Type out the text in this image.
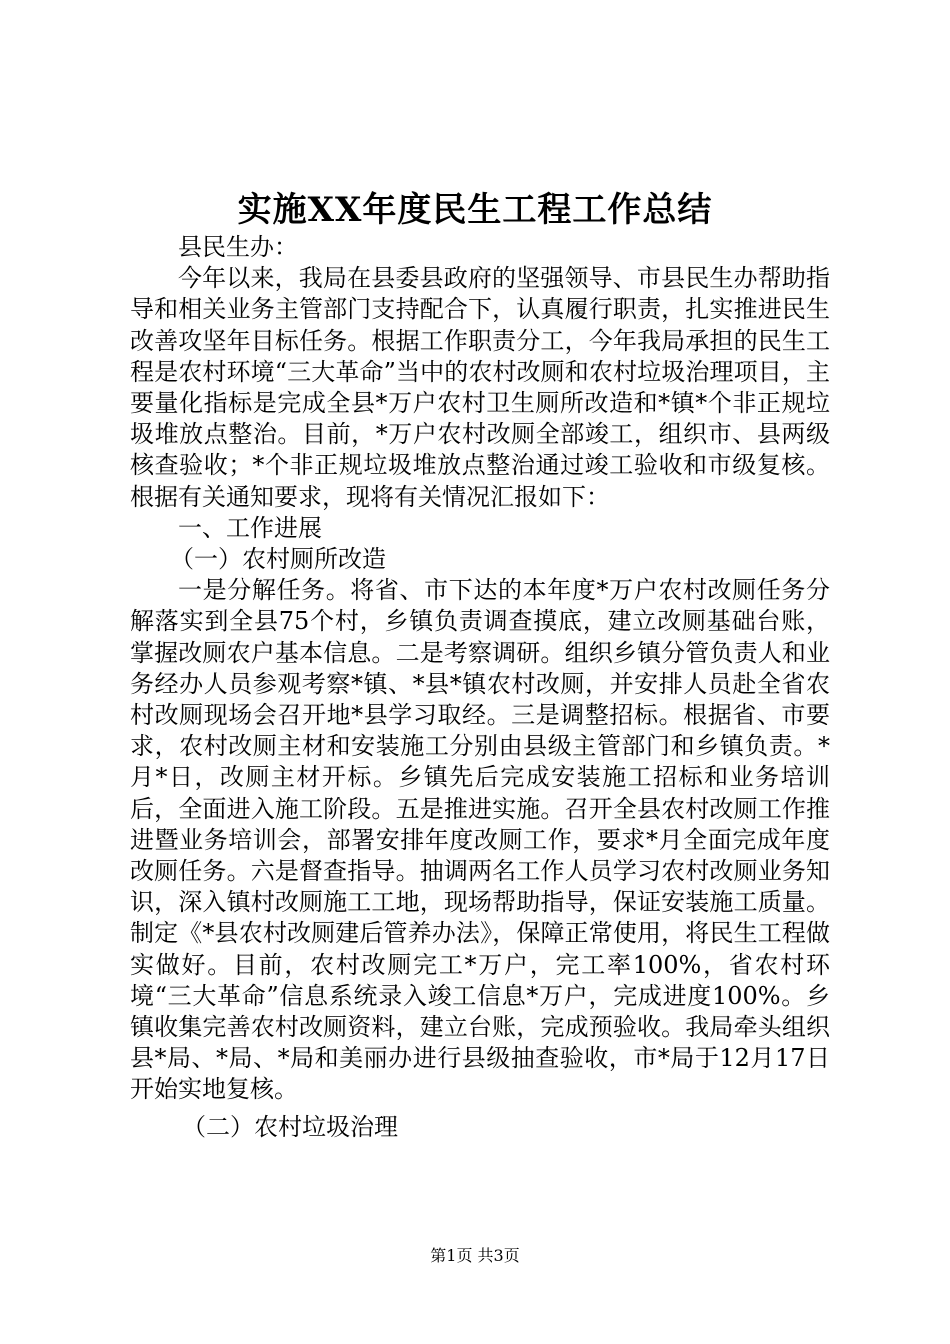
实施XX年度民生工程工作总结

县民生办：

今年以来，我局在县委县政府的坚强领导、市县民生办帮助指导和相关业务主管部门支持配合下，认真履行职责，扎实推进民生改善攻坚年目标任务。根据工作职责分工，今年我局承担的民生工程是农村环境“三大革命”当中的农村改厕和农村垃圾治理项目，主要量化指标是完成全县*万户农村卫生厕所改造和*镇*个非正规垃圾堆放点整治。目前，*万户农村改厕全部竣工，组织市、县两级核查验收；*个非正规垃圾堆放点整治通过竣工验收和市级复核。根据有关通知要求，现将有关情况汇报如下：

一、工作进展

（一）农村厕所改造

一是分解任务。将省、市下达的本年度*万户农村改厕任务分解落实到全县75个村，乡镇负责调查摸底，建立改厕基础台账，掌握改厕农户基本信息。二是考察调研。组织乡镇分管负责人和业务经办人员参观考察*镇、*县*镇农村改厕，并安排人员赴全省农村改厕现场会召开地*县学习取经。三是调整招标。根据省、市要求，农村改厕主材和安装施工分别由县级主管部门和乡镇负责。*月*日，改厕主材开标。乡镇先后完成安装施工招标和业务培训后，全面进入施工阶段。五是推进实施。召开全县农村改厕工作推进暨业务培训会，部署安排年度改厕工作，要求*月全面完成年度改厕任务。六是督查指导。抽调两名工作人员学习农村改厕业务知识，深入镇村改厕施工工地，现场帮助指导，保证安装施工质量。制定《*县农村改厕建后管养办法》，保障正常使用，将民生工程做实做好。目前，农村改厕完工*万户，完工率100%，省农村环境“三大革命”信息系统录入竣工信息*万户，完成进度100%。乡镇收集完善农村改厕资料，建立台账，完成预验收。我局牵头组织县*局、*局、*局和美丽办进行县级抽查验收，市*局于12月17日开始实地复核。

（二）农村垃圾治理

第1页 共3页
